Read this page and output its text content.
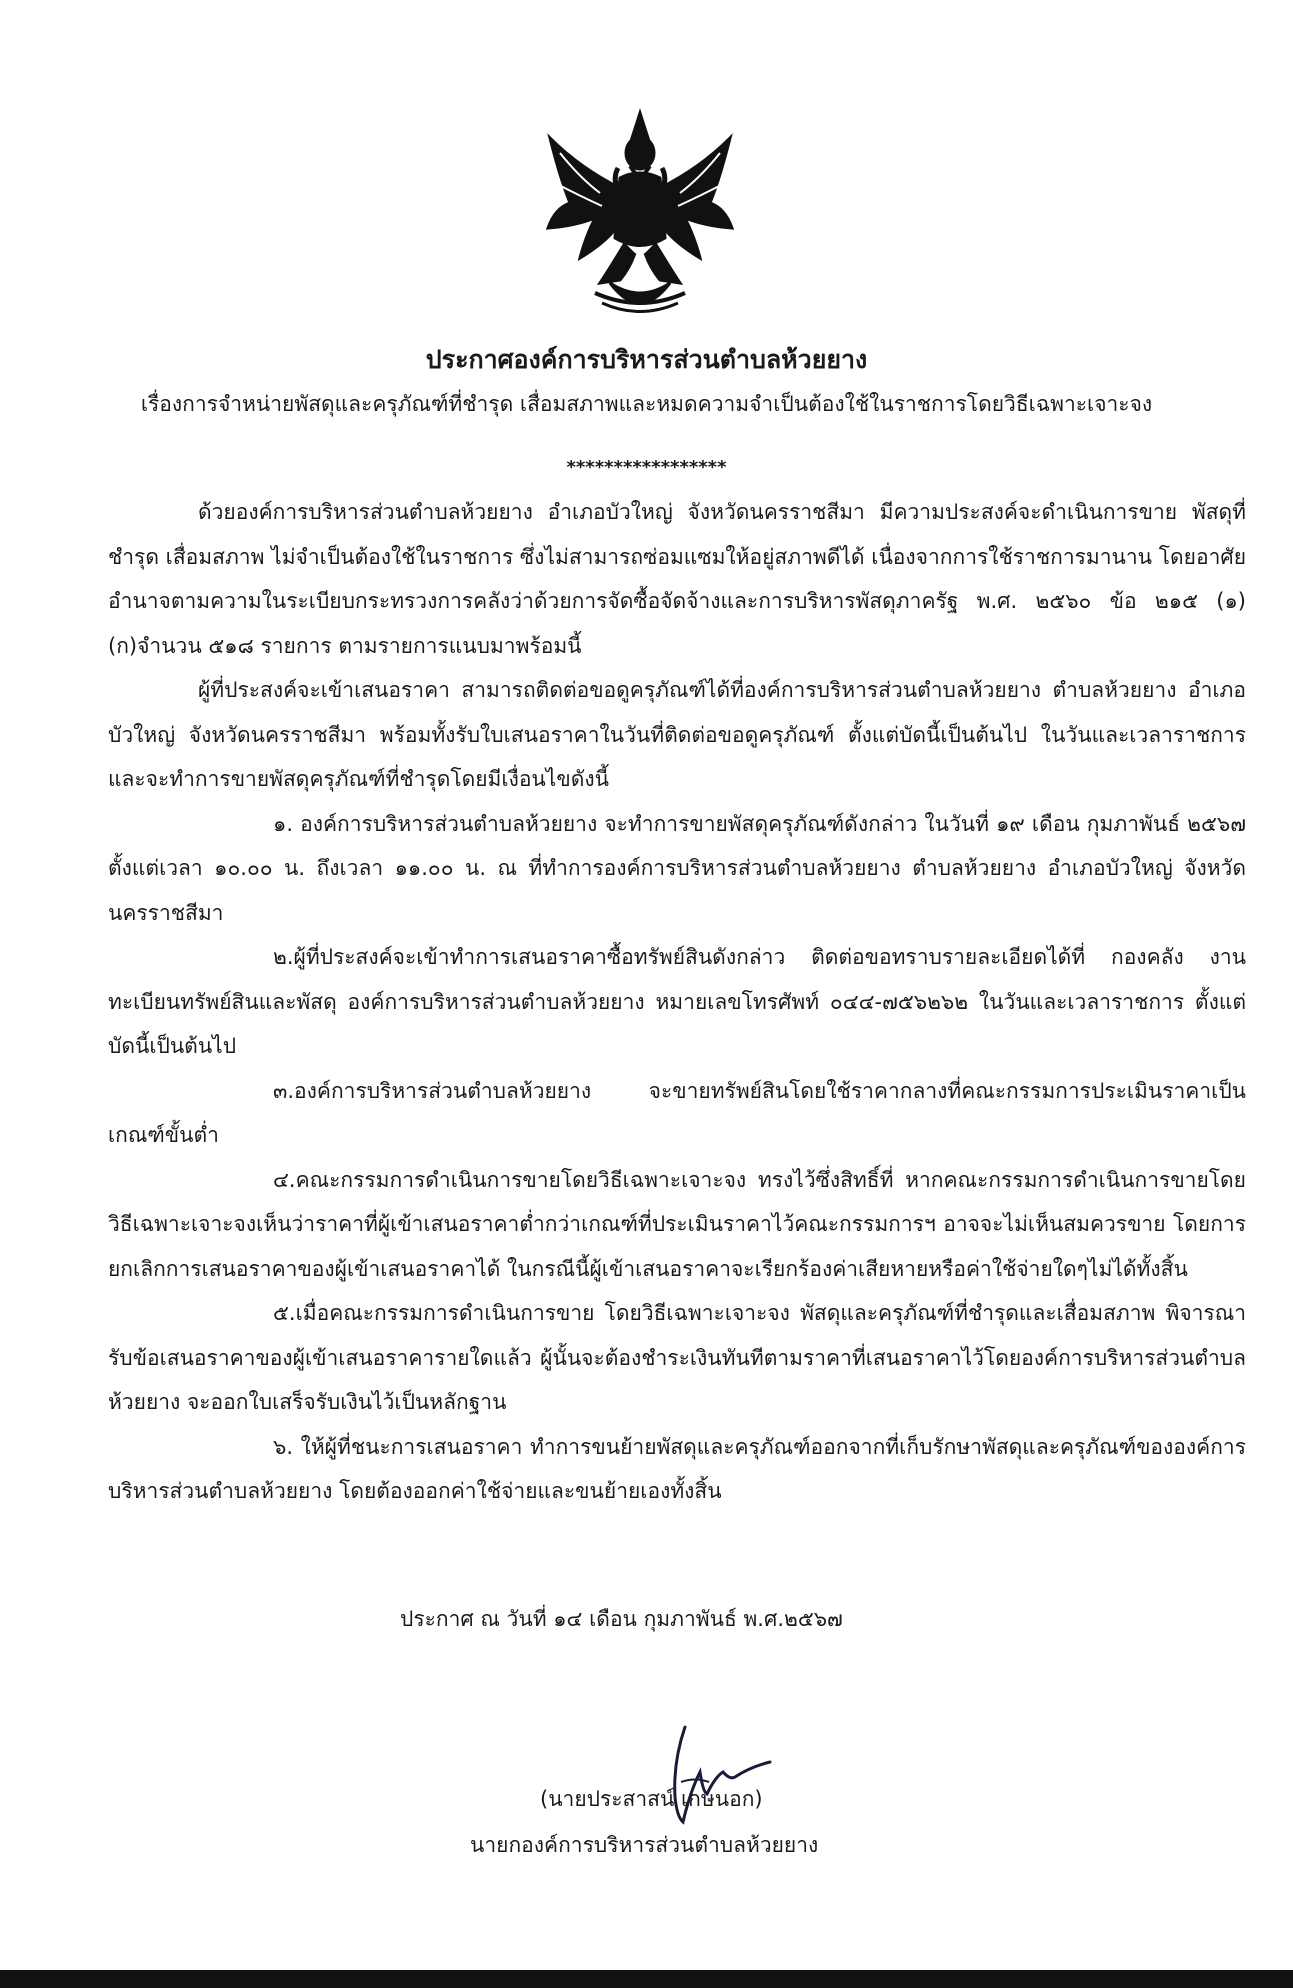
ประกาศองค์การบริหารส่วนตำบลห้วยยาง
เรื่องการจำหน่ายพัสดุและครุภัณฑ์ที่ชำรุด เสื่อมสภาพและหมดความจำเป็นต้องใช้ในราชการโดยวิธีเฉพาะเจาะจง
*****************

ด้วยองค์การบริหารส่วนตำบลห้วยยาง อำเภอบัวใหญ่ จังหวัดนครราชสีมา มีความประสงค์จะดำเนินการขาย พัสดุที่ชำรุด เสื่อมสภาพ ไม่จำเป็นต้องใช้ในราชการ ซึ่งไม่สามารถซ่อมแซมให้อยู่สภาพดีได้ เนื่องจากการใช้ราชการมานาน โดยอาศัยอำนาจตามความในระเบียบกระทรวงการคลังว่าด้วยการจัดซื้อจัดจ้างและการบริหารพัสดุภาครัฐ พ.ศ. ๒๕๖๐ ข้อ ๒๑๕ (๑)(ก)จำนวน ๕๑๘ รายการ ตามรายการแนบมาพร้อมนี้

ผู้ที่ประสงค์จะเข้าเสนอราคา สามารถติดต่อขอดูครุภัณฑ์ได้ที่องค์การบริหารส่วนตำบลห้วยยาง ตำบลห้วยยาง อำเภอบัวใหญ่ จังหวัดนครราชสีมา พร้อมทั้งรับใบเสนอราคาในวันที่ติดต่อขอดูครุภัณฑ์ ตั้งแต่บัดนี้เป็นต้นไป ในวันและเวลาราชการ และจะทำการขายพัสดุครุภัณฑ์ที่ชำรุดโดยมีเงื่อนไขดังนี้

๑. องค์การบริหารส่วนตำบลห้วยยาง จะทำการขายพัสดุครุภัณฑ์ดังกล่าว ในวันที่ ๑๙ เดือน กุมภาพันธ์ ๒๕๖๗ ตั้งแต่เวลา ๑๐.๐๐ น. ถึงเวลา ๑๑.๐๐ น. ณ ที่ทำการองค์การบริหารส่วนตำบลห้วยยาง ตำบลห้วยยาง อำเภอบัวใหญ่ จังหวัดนครราชสีมา

๒.ผู้ที่ประสงค์จะเข้าทำการเสนอราคาซื้อทรัพย์สินดังกล่าว ติดต่อขอทราบรายละเอียดได้ที่ กองคลัง งานทะเบียนทรัพย์สินและพัสดุ องค์การบริหารส่วนตำบลห้วยยาง หมายเลขโทรศัพท์ ๐๔๔-๗๕๖๒๖๒ ในวันและเวลาราชการ ตั้งแต่บัดนี้เป็นต้นไป

๓.องค์การบริหารส่วนตำบลห้วยยาง จะขายทรัพย์สินโดยใช้ราคากลางที่คณะกรรมการประเมินราคาเป็นเกณฑ์ขั้นต่ำ

๔.คณะกรรมการดำเนินการขายโดยวิธีเฉพาะเจาะจง ทรงไว้ซึ่งสิทธิ์ที่ หากคณะกรรมการดำเนินการขายโดยวิธีเฉพาะเจาะจงเห็นว่าราคาที่ผู้เข้าเสนอราคาต่ำกว่าเกณฑ์ที่ประเมินราคาไว้คณะกรรมการฯ อาจจะไม่เห็นสมควรขาย โดยการยกเลิกการเสนอราคาของผู้เข้าเสนอราคาได้ ในกรณีนี้ผู้เข้าเสนอราคาจะเรียกร้องค่าเสียหายหรือค่าใช้จ่ายใดๆไม่ได้ทั้งสิ้น

๕.เมื่อคณะกรรมการดำเนินการขาย โดยวิธีเฉพาะเจาะจง พัสดุและครุภัณฑ์ที่ชำรุดและเสื่อมสภาพ พิจารณารับข้อเสนอราคาของผู้เข้าเสนอราคารายใดแล้ว ผู้นั้นจะต้องชำระเงินทันทีตามราคาที่เสนอราคาไว้โดยองค์การบริหารส่วนตำบลห้วยยาง จะออกใบเสร็จรับเงินไว้เป็นหลักฐาน

๖. ให้ผู้ที่ชนะการเสนอราคา ทำการขนย้ายพัสดุและครุภัณฑ์ออกจากที่เก็บรักษาพัสดุและครุภัณฑ์ขององค์การบริหารส่วนตำบลห้วยยาง โดยต้องออกค่าใช้จ่ายและขนย้ายเองทั้งสิ้น

ประกาศ ณ วันที่ ๑๔ เดือน กุมภาพันธ์ พ.ศ.๒๕๖๗
(นายประสาสน์ เกษนอก)
นายกองค์การบริหารส่วนตำบลห้วยยาง
